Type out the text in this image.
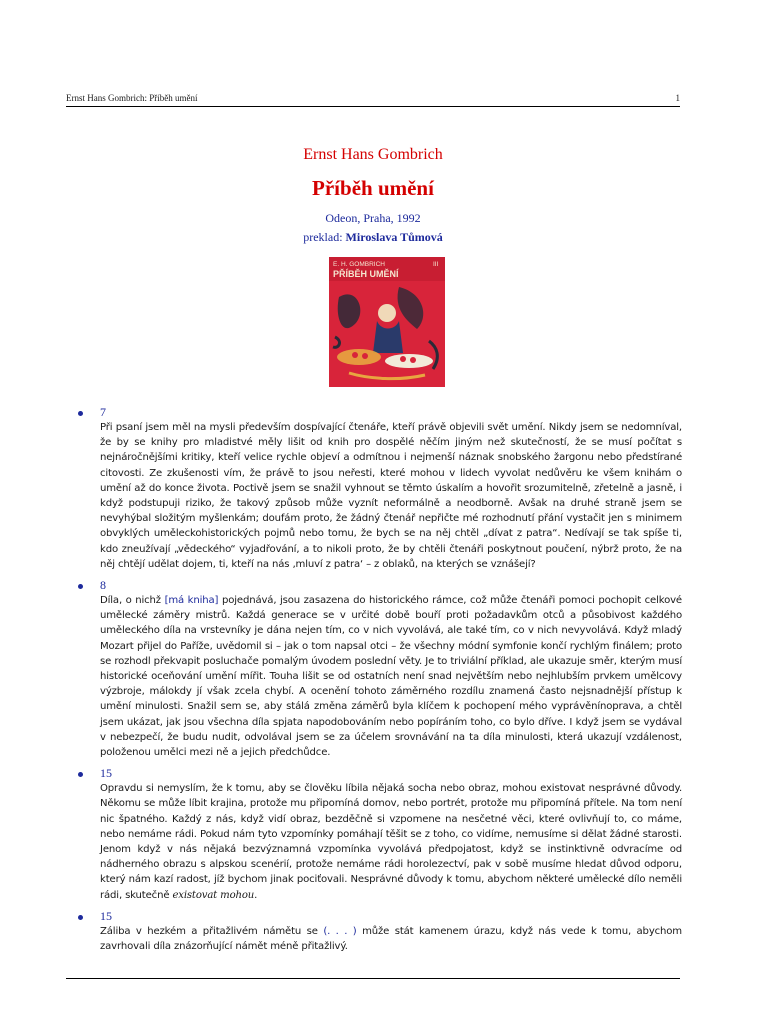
Ernst Hans Gombrich: Příběh umění	1

Ernst Hans Gombrich

Příběh umění

Odeon, Praha, 1992

preklad: Miroslava Tůmová

E. H. GOMBRICH	III
PŘÍBĚH UMĚNÍ
7

Při psaní jsem měl na mysli především dospívající čtenáře, kteří právě objevili svět umění. Nikdy jsem se nedomníval, že by se knihy pro mladistvé měly lišit od knih pro dospělé něčím jiným než skutečností, že se musí počítat s nejnáročnějšími kritiky, kteří velice rychle objeví a odmítnou i nejmenší náznak snobského žargonu nebo předstírané citovosti. Ze zkušenosti vím, že právě to jsou neřesti, které mohou v lidech vyvolat nedůvěru ke všem knihám o umění až do konce života. Poctivě jsem se snažil vyhnout se těmto úskalím a hovořit srozumitelně, zřetelně a jasně, i když podstupuji riziko, že takový způsob může vyznít neformálně a neodborně. Avšak na druhé straně jsem se nevyhýbal složitým myšlenkám; doufám proto, že žádný čtenář nepřičte mé rozhodnutí přání vystačit jen s minimem obvyklých uměleckohistorických pojmů nebo tomu, že bych se na něj chtěl „dívat z patra“. Nedívají se tak spíše ti, kdo zneužívají „vědeckého“ vyjadřování, a to nikoli proto, že by chtěli čtenáři poskytnout poučení, nýbrž proto, že na něj chtějí udělat dojem, ti, kteří na nás ‚mluví z patra‘ – z oblaků, na kterých se vznášejí?

8

Díla, o nichž [má kniha] pojednává, jsou zasazena do historického rámce, což může čtenáři pomoci pochopit celkové umělecké záměry mistrů. Každá generace se v určité době bouří proti požadavkům otců a působivost každého uměleckého díla na vrstevníky je dána nejen tím, co v nich vyvolává, ale také tím, co v nich nevyvolává. Když mladý Mozart přijel do Paříže, uvědomil si – jak o tom napsal otci – že všechny módní symfonie končí rychlým finálem; proto se rozhodl překvapit posluchače pomalým úvodem poslední věty. Je to triviální příklad, ale ukazuje směr, kterým musí historické oceňování umění mířit. Touha lišit se od ostatních není snad největším nebo nejhlubším prvkem umělcovy výzbroje, málokdy jí však zcela chybí. A ocenění tohoto záměrného rozdílu znamená často nejsnadnější přístup k umění minulosti. Snažil sem se, aby stálá změna záměrů byla klíčem k pochopení mého vyprávěnínopravа, a chtěl jsem ukázat, jak jsou všechna díla spjata napodobováním nebo popíráním toho, co bylo dříve. I když jsem se vydával v nebezpečí, že budu nudit, odvolával jsem se za účelem srovnávání na ta díla minulosti, která ukazují vzdálenost, položenou umělci mezi ně a jejich předchůdce.

15

Opravdu si nemyslím, že k tomu, aby se člověku líbila nějaká socha nebo obraz, mohou existovat nesprávné důvody. Někomu se může líbit krajina, protože mu připomíná domov, nebo portrét, protože mu připomíná přítele. Na tom není nic špatného. Každý z nás, když vidí obraz, bezděčně si vzpomene na nesčetné věci, které ovlivňují to, co máme, nebo nemáme rádi. Pokud nám tyto vzpomínky pomáhají těšit se z toho, co vidíme, nemusíme si dělat žádné starosti. Jenom když v nás nějaká bezvýznamná vzpomínka vyvolává předpojatost, když se instinktivně odvracíme od nádherného obrazu s alpskou scenérií, protože nemáme rádi horolezectví, pak v sobě musíme hledat důvod odporu, který nám kazí radost, jíž bychom jinak pociťovali. Nesprávné důvody k tomu, abychom některé umělecké dílo neměli rádi, skutečně existovat mohou.

15

Záliba v hezkém a přitažlivém námětu se (. . . ) může stát kamenem úrazu, když nás vede k tomu, abychom zavrhovali díla znázorňující námět méně přitažlivý.
